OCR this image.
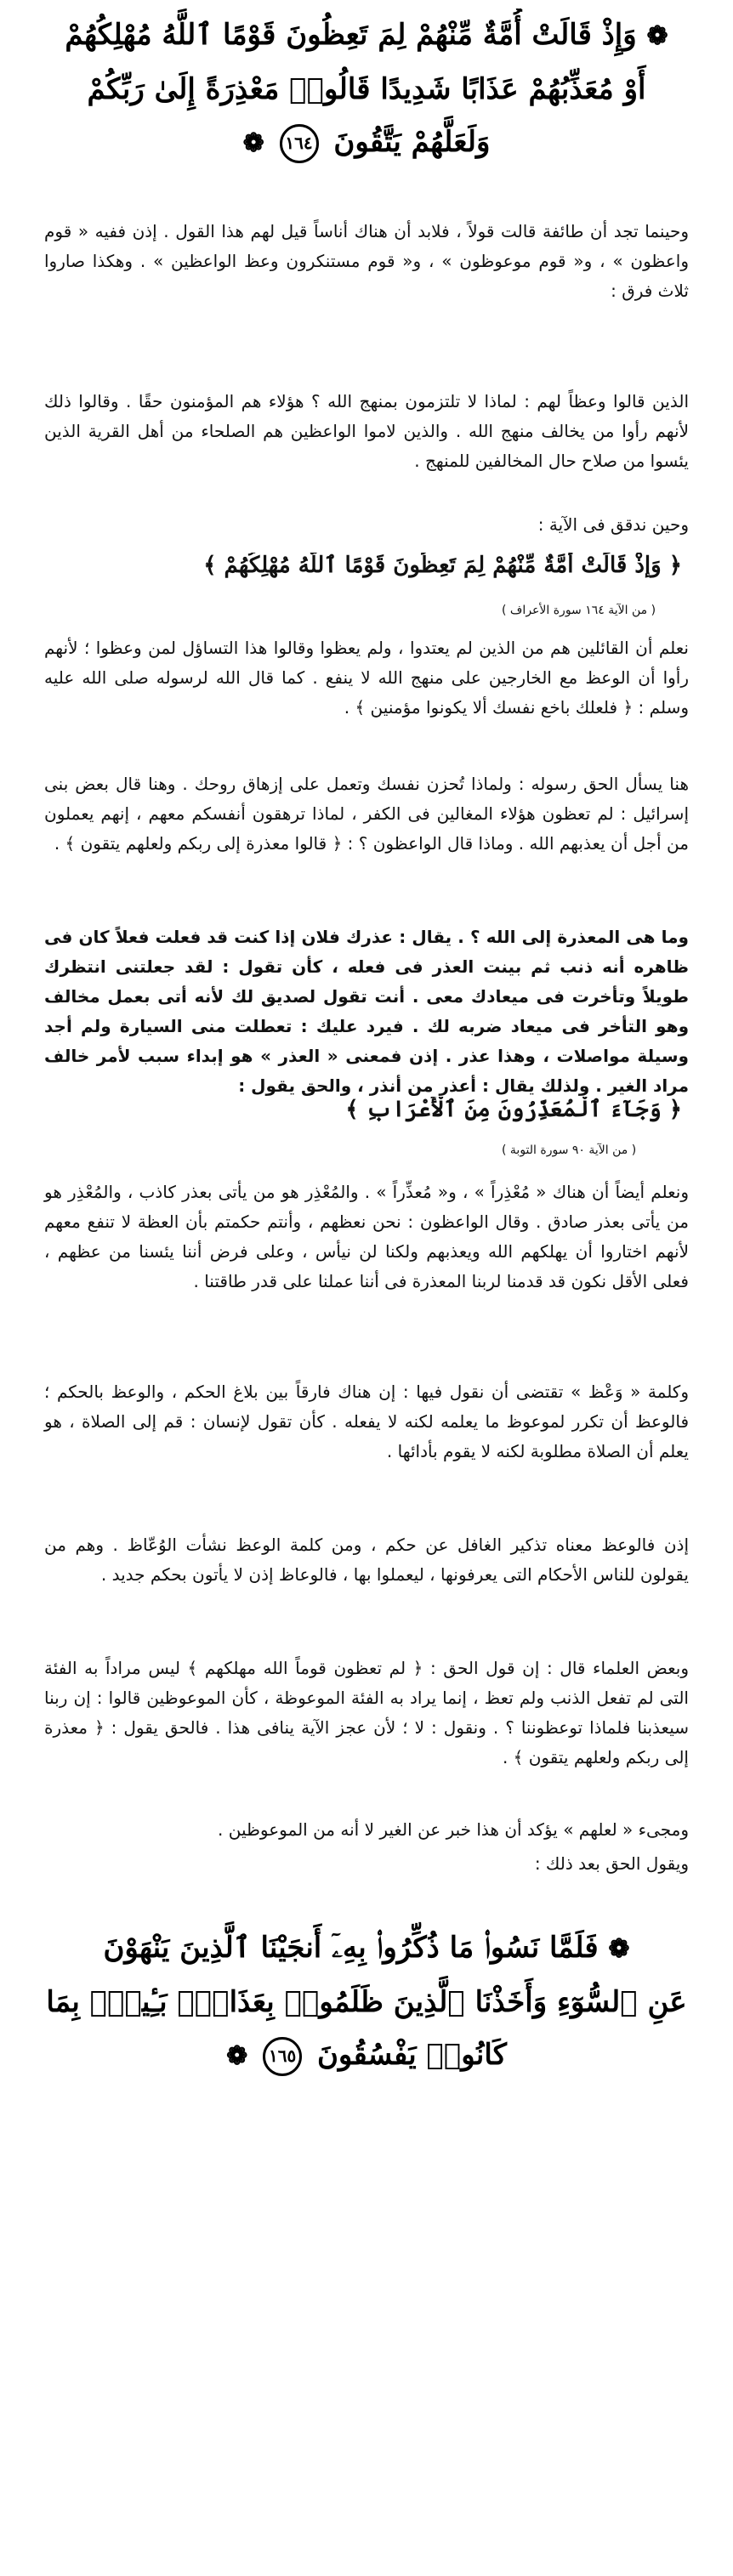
❁ وَإِذْ قَالَتْ أُمَّةٌ مِّنْهُمْ لِمَ تَعِظُونَ قَوْمًا ٱللَّهُ مُهْلِكُهُمْ
أَوْ مُعَذِّبُهُمْ عَذَابًا شَدِيدًا قَالُوا۟ مَعْذِرَةً إِلَىٰ رَبِّكُمْ
وَلَعَلَّهُمْ يَتَّقُونَ ١٦٤ ❁
وحينما تجد أن طائفة قالت قولاً ، فلابد أن هناك أناساً قيل لهم هذا القول . إذن ففيه « قوم واعظون » ، و« قوم موعوظون » ، و« قوم مستنكرون وعظ الواعظين » . وهكذا صاروا ثلاث فرق :
الذين قالوا وعظاً لهم : لماذا لا تلتزمون بمنهج الله ؟ هؤلاء هم المؤمنون حقًا . وقالوا ذلك لأنهم رأوا من يخالف منهج الله . والذين لاموا الواعظين هم الصلحاء من أهل القرية الذين يئسوا من صلاح حال المخالفين للمنهج .
وحين ندقق فى الآية :
﴿ وَإِذْ قَالَتْ أُمَّةٌ مِّنْهُمْ لِمَ تَعِظُونَ قَوْمًا ٱللَّهُ مُهْلِكُهُمْ ﴾
( من الآية ١٦٤ سورة الأعراف )
نعلم أن القائلين هم من الذين لم يعتدوا ، ولم يعظوا وقالوا هذا التساؤل لمن وعظوا ؛ لأنهم رأوا أن الوعظ مع الخارجين على منهج الله لا ينفع . كما قال الله لرسوله صلى الله عليه وسلم : ﴿ فلعلك باخع نفسك ألا يكونوا مؤمنين ﴾ .
هنا يسأل الحق رسوله : ولماذا تُحزن نفسك وتعمل على إزهاق روحك . وهنا قال بعض بنى إسرائيل : لم تعظون هؤلاء المغالين فى الكفر ، لماذا ترهقون أنفسكم معهم ، إنهم يعملون من أجل أن يعذبهم الله . وماذا قال الواعظون ؟ : ﴿ قالوا معذرة إلى ربكم ولعلهم يتقون ﴾ .
وما هى المعذرة إلى الله ؟ . يقال : عذرك فلان إذا كنت قد فعلت فعلاً كان فى ظاهره أنه ذنب ثم بينت العذر فى فعله ، كأن تقول : لقد جعلتنى انتظرك طويلاً وتأخرت فى ميعادك معى . أنت تقول لصديق لك لأنه أتى بعمل مخالف وهو التأخر فى ميعاد ضربه لك . فيرد عليك : تعطلت منى السيارة ولم أجد وسيلة مواصلات ، وهذا عذر . إذن فمعنى « العذر » هو إبداء سبب لأمر خالف مراد الغير . ولذلك يقال : أعذر من أنذر ، والحق يقول :
﴿ وَجَآءَ ٱلْمُعَذِّرُونَ مِنَ ٱلْأَعْرَابِ ﴾
( من الآية ٩٠ سورة التوبة )
ونعلم أيضاً أن هناك « مُعْذِراً » ، و« مُعذِّراً » . والمُعْذِر هو من يأتى بعذر كاذب ، والمُعْذِر هو من يأتى بعذر صادق . وقال الواعظون : نحن نعظهم ، وأنتم حكمتم بأن العظة لا تنفع معهم لأنهم اختاروا أن يهلكهم الله ويعذبهم ولكنا لن نيأس ، وعلى فرض أننا يئسنا من عظهم ، فعلى الأقل نكون قد قدمنا لربنا المعذرة فى أننا عملنا على قدر طاقتنا .
وكلمة « وَعْظ » تقتضى أن نقول فيها : إن هناك فارقاً بين بلاغ الحكم ، والوعظ بالحكم ؛ فالوعظ أن تكرر لموعوظ ما يعلمه لكنه لا يفعله . كأن تقول لإنسان : قم إلى الصلاة ، هو يعلم أن الصلاة مطلوبة لكنه لا يقوم بأدائها .
إذن فالوعظ معناه تذكير الغافل عن حكم ، ومن كلمة الوعظ نشأت الوُعّاظ . وهم من يقولون للناس الأحكام التى يعرفونها ، ليعملوا بها ، فالوعاظ إذن لا يأتون بحكم جديد .
وبعض العلماء قال : إن قول الحق : ﴿ لم تعظون قوماً الله مهلكهم ﴾ ليس مراداً به الفئة التى لم تفعل الذنب ولم تعظ ، إنما يراد به الفئة الموعوظة ، كأن الموعوظين قالوا : إن ربنا سيعذبنا فلماذا توعظوننا ؟ . ونقول : لا ؛ لأن عجز الآية ينافى هذا . فالحق يقول : ﴿ معذرة إلى ربكم ولعلهم يتقون ﴾ .
ومجىء « لعلهم » يؤكد أن هذا خبر عن الغير لا أنه من الموعوظين .
ويقول الحق بعد ذلك :
❁ فَلَمَّا نَسُوا۟ مَا ذُكِّرُوا۟ بِهِۦٓ أَنجَيْنَا ٱلَّذِينَ يَنْهَوْنَ
عَنِ ٱلسُّوٓءِ وَأَخَذْنَا ٱلَّذِينَ ظَلَمُوا۟ بِعَذَابٍۭ بَـِٔيسٍۭ بِمَا
كَانُوا۟ يَفْسُقُونَ ١٦٥ ❁
